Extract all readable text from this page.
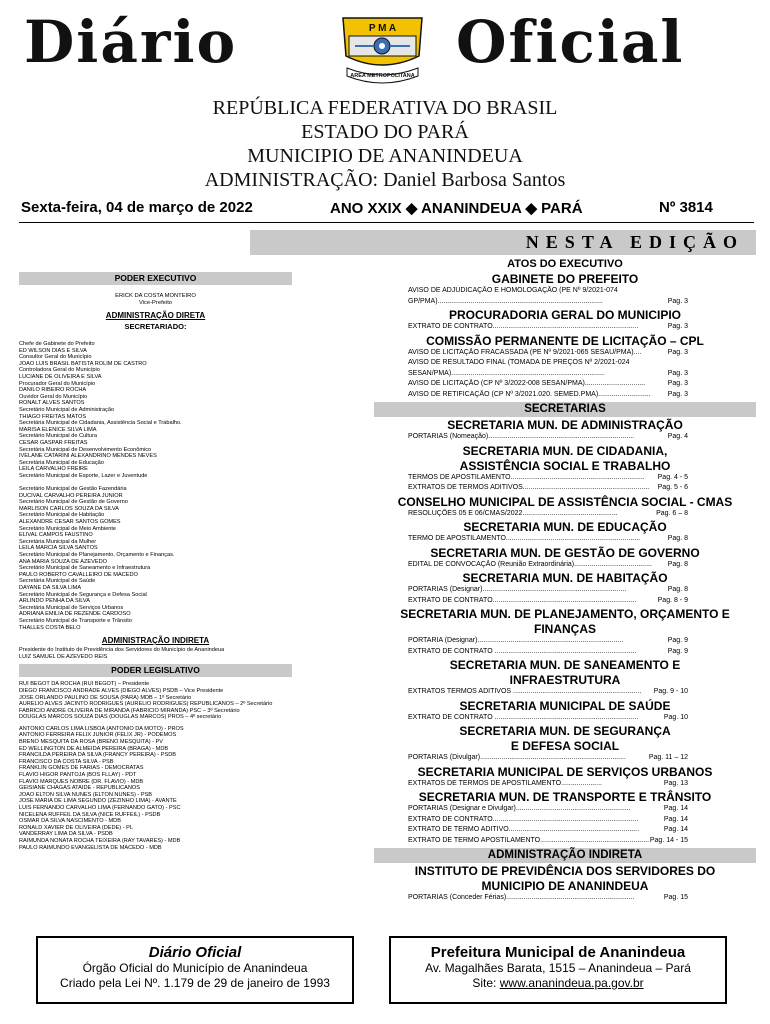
Diário	Oficial
P M A
AREA METROPOLITANA
REPÚBLICA FEDERATIVA DO BRASIL
ESTADO DO PARÁ
MUNICIPIO DE ANANINDEUA
ADMINISTRAÇÃO: Daniel Barbosa Santos
Sexta-feira, 04 de março de 2022	ANO XXIX ◆ ANANINDEUA ◆ PARÁ	Nº 3814
NESTA EDIÇÃO
PODER EXECUTIVO
ERICK DA COSTA MONTEIRO
Vice-Prefeito
ADMINISTRAÇÃO DIRETA
SECRETARIADO:
Chefe de Gabinete do Prefeito
ED WILSON DIAS E SILVA
Consultor Geral do Município
JOÃO LUIS BRASIL BATISTA ROLIM DE CASTRO
Controladora Geral do Município
LUCIANE DE OLIVEIRA E SILVA
Procurador Geral do Município
DANILO RIBEIRO ROCHA
Ouvidor Geral do Município
RONALT ALVES SANTOS
Secretário Municipal de Administração
THIAGO FREITAS MATOS
Secretária Municipal de Cidadania, Assistência Social e Trabalho.
MARISA ELENICE SILVA LIMA
Secretário Municipal de Cultura
CESAR GASPAR FREITAS
Secretária Municipal de Desenvolvimento Econômico
IVELANE CATARINI ALEXANDRINO MENDES NEVES
Secretária Municipal de Educação
LEILA CARVALHO FREIRE
Secretário Municipal de Esporte, Lazer e Juventude
Secretário Municipal de Gestão Fazendária
DUCIVAL CARVALHO PEREIRA JÚNIOR
Secretário Municipal de Gestão de Governo
MARLISON CARLOS SOUZA DA SILVA
Secretário Municipal de Habitação
ALEXANDRE CESAR SANTOS GOMES
Secretário Municipal de Meio Ambiente
ELIVAL CAMPOS FAUSTINO
Secretária Municipal da Mulher
LEILA MÁRCIA SILVA SANTOS
Secretário Municipal de Planejamento, Orçamento e Finanças.
ANA MARIA SOUZA DE AZEVEDO
Secretário Municipal de Saneamento e Infraestrutura
PAULO ROBERTO CAVALLEIRO DE MACEDO
Secretária Municipal de Saúde
DAYANE DA SILVA LIMA
Secretário Municipal de Segurança e Defesa Social
ARLINDO PENHA DA SILVA
Secretária Municipal de Serviços Urbanos
ADRIANA EMILIA DE REZENDE CARDOSO
Secretário Municipal de Transporte e Trânsito
THALLES COSTA BELO
ADMINISTRAÇÃO INDIRETA
Presidente do Instituto de Previdência dos Servidores do Município de Ananindeua
LUIZ SAMUEL DE AZEVEDO REIS
PODER LEGISLATIVO
RUI BEGOT DA ROCHA (RUI BEGOT) – Presidente
DIEGO FRANCISCO ANDRADE ALVES (DIEGO ALVES) PSDB – Vice Presidente
JOSÉ ORLANDO PAULINO DE SOUSA (PARÁ) MDB – 1º Secretário
AURÉLIO ALVES JACINTO RODRIGUES (AURÉLIO RODRIGUES) REPUBLICANOS – 2º Secretário
FABRICIO ANDRE OLIVEIRA DE MIRANDA (FABRICIO MIRANDA) PSC – 3º Secretário
DOUGLAS MARCOS SOUZA DIAS (DOUGLAS MARCOS) PROS – 4º secretário
ANTÔNIO CARLOS LIMA LISBOA (ANTÔNIO DA MOTO) - PROS
ANTÔNIO FERREIRA FELIX JÚNIOR (FELIX JR) - PODEMOS
BRENO MESQUITA DA ROSA (BRENO MESQUITA) - PV
ED WELLINGTON DE ALMEIDA PEREIRA (BRAGA) - MDB
FRANCILDA PEREIRA DA SILVA (FRANCY PEREIRA) - PSDB
FRANCISCO DA COSTA SILVA - PSB
FRANKLIN GOMES DE FARIAS - DEMOCRATAS
FLAVIO HIGOR PANTOJA (BOS FLLAY) - PDT
FLAVIO MARQUES NOBRE (DR. FLAVIO) - MDB
GEISIANE CHAGAS ATAIDE - REPUBLICANOS
JOÃO ELTON SILVA NUNES (ELTON NUNES) - PSB
JOSÉ MARIA DE LIMA SEGUNDO (ZEZINHO LIMA) - AVANTE
LUIS FERNANDO CARVALHO LIMA (FERNANDO GATO) - PSC
NICELENA RUFFEIL DA SILVA (NICE RUFFEIL) - PSDB
OSMAR DA SILVA NASCIMENTO - MDB
RONALD XAVIER DE OLIVEIRA (DEDÉ) - PL
VANDERRAY LIMA DA SILVA - PSDB
RAIMUNDA NONATA ROCHA TEIXEIRA (RAY TAVARES) - MDB
PAULO RAIMUNDO EVANGELISTA DE MACEDO - MDB
ATOS DO EXECUTIVO
GABINETE DO PREFEITO
AVISO DE ADJUDICAÇÃO E HOMOLOGAÇÃO (PE Nº 9/2021-074
GP/PMA).....................................................................................	Pag. 3
PROCURADORIA GERAL DO MUNICIPIO
EXTRATO DE CONTRATO...........................................................................	Pag. 3
COMISSÃO PERMANENTE DE LICITAÇÃO – CPL
AVISO DE LICITAÇÃO FRACASSADA (PE Nº 9/2021-065 SESAU/PMA)....	Pag. 3
AVISO DE RESULTADO FINAL (TOMADA DE PREÇOS Nº 2/2021-024
SESAN/PMA)...............................................................................	Pag. 3
AVISO DE LICITAÇÃO (CP Nº 3/2022-008 SESAN/PMA)...............................	Pag. 3
AVISO DE RETIFICAÇÃO (CP Nº 3/2021.020. SEMED.PMA)........................... Pag. 3
SECRETARIAS
SECRETARIA MUN. DE ADMINISTRAÇÃO
PORTARIAS (Nomeação)...........................................................................	Pag. 4
SECRETARIA MUN. DE CIDADANIA,
ASSISTÊNCIA SOCIAL E TRABALHO
TERMOS DE APOSTILAMENTO..................................................................... Pag. 4 - 5
EXTRATOS DE TERMOS ADITIVOS................................................................. Pag. 5 - 6
CONSELHO MUNICIPAL DE ASSISTÊNCIA SOCIAL - CMAS
RESOLUÇÕES 05 E 06/CMAS/2022.................................................	Pag. 6 – 8
SECRETARIA MUN. DE EDUCAÇÃO
TERMO DE APOSTILAMENTO.....................................................................	Pag. 8
SECRETARIA MUN. DE GESTÃO DE GOVERNO
EDITAL DE CONVOCAÇÃO (Reunião Extraordinária)........................................ Pag. 8
SECRETARIA MUN. DE HABITAÇÃO
PORTARIAS (Designar)..........................................................................	Pag. 8
EXTRATO DE CONTRATO..........................................................................	Pag. 8 - 9
SECRETARIA MUN. DE PLANEJAMENTO, ORÇAMENTO E
FINANÇAS
PORTARIA (Designar)...........................................................................	Pag. 9
EXTRATO DE CONTRATO .........................................................................	Pag. 9
SECRETARIA MUN. DE SANEAMENTO E
INFRAESTRUTURA
EXTRATOS TERMOS ADITIVOS .................................................................. Pag. 9 - 10
SECRETARIA MUNICIPAL DE SAÚDE
EXTRATO DE CONTRATO ..........................................................................	Pag. 10
SECRETARIA MUN. DE SEGURANÇA
E DEFESA SOCIAL
PORTARIAS (Divulgar)...........................................................................	Pag. 11 – 12
SECRETARIA MUNICIPAL DE SERVIÇOS URBANOS
EXTRATOS DE TERMOS DE APOSTILAMENTO.....................	Pag. 13
SECRETARIA MUN. DE TRANSPORTE E TRÂNSITO
PORTARIAS (Designar e Divulgar)...........................................................	Pag. 14
EXTRATO DE CONTRATO...........................................................................	Pag. 14
EXTRATO DE TERMO ADITIVO...................................................................	Pag. 14
EXTRATO DE TERMO APOSTILAMENTO........................................................ Pag. 14 - 15
ADMINISTRAÇÃO INDIRETA
INSTITUTO DE PREVIDÊNCIA DOS SERVIDORES DO
MUNICIPIO DE ANANINDEUA
PORTARIAS (Conceder Férias)..................................................................	Pag. 15
Diário Oficial
Órgão Oficial do Município de Ananindeua
Criado pela Lei Nº. 1.179 de 29 de janeiro de 1993
Prefeitura Municipal de Ananindeua
Av. Magalhães Barata, 1515 – Ananindeua – Pará
Site: www.ananindeua.pa.gov.br
